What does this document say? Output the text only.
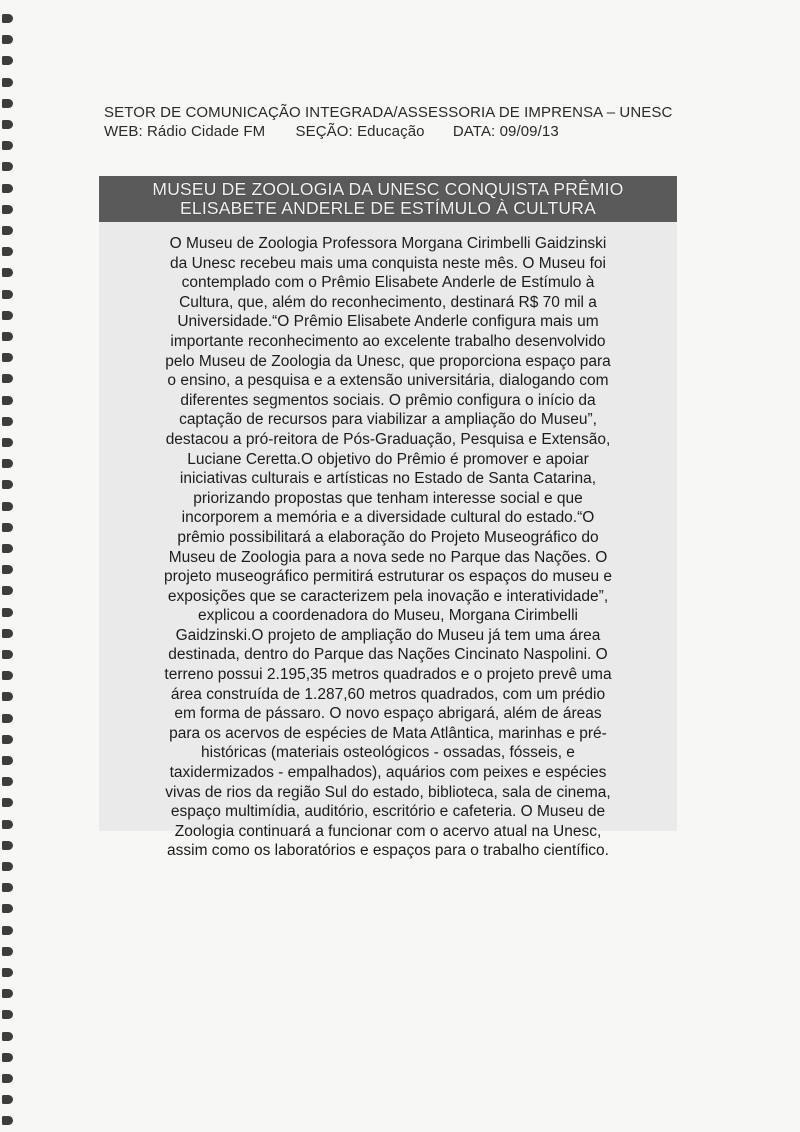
SETOR DE COMUNICAÇÃO INTEGRADA/ASSESSORIA DE IMPRENSA – UNESC
WEB: Rádio Cidade FM SEÇÃO: Educação DATA: 09/09/13
MUSEU DE ZOOLOGIA DA UNESC CONQUISTA PRÊMIO
ELISABETE ANDERLE DE ESTÍMULO À CULTURA
O Museu de Zoologia Professora Morgana Cirimbelli Gaidzinski
da Unesc recebeu mais uma conquista neste mês. O Museu foi
contemplado com o Prêmio Elisabete Anderle de Estímulo à
Cultura, que, além do reconhecimento, destinará R$ 70 mil a
Universidade.“O Prêmio Elisabete Anderle configura mais um
importante reconhecimento ao excelente trabalho desenvolvido
pelo Museu de Zoologia da Unesc, que proporciona espaço para
o ensino, a pesquisa e a extensão universitária, dialogando com
diferentes segmentos sociais. O prêmio configura o início da
captação de recursos para viabilizar a ampliação do Museu”,
destacou a pró-reitora de Pós-Graduação, Pesquisa e Extensão,
Luciane Ceretta.O objetivo do Prêmio é promover e apoiar
iniciativas culturais e artísticas no Estado de Santa Catarina,
priorizando propostas que tenham interesse social e que
incorporem a memória e a diversidade cultural do estado.“O
prêmio possibilitará a elaboração do Projeto Museográfico do
Museu de Zoologia para a nova sede no Parque das Nações. O
projeto museográfico permitirá estruturar os espaços do museu e
exposições que se caracterizem pela inovação e interatividade”,
explicou a coordenadora do Museu, Morgana Cirimbelli
Gaidzinski.O projeto de ampliação do Museu já tem uma área
destinada, dentro do Parque das Nações Cincinato Naspolini. O
terreno possui 2.195,35 metros quadrados e o projeto prevê uma
área construída de 1.287,60 metros quadrados, com um prédio
em forma de pássaro. O novo espaço abrigará, além de áreas
para os acervos de espécies de Mata Atlântica, marinhas e pré-
históricas (materiais osteológicos - ossadas, fósseis, e
taxidermizados - empalhados), aquários com peixes e espécies
vivas de rios da região Sul do estado, biblioteca, sala de cinema,
espaço multimídia, auditório, escritório e cafeteria. O Museu de
Zoologia continuará a funcionar com o acervo atual na Unesc,
assim como os laboratórios e espaços para o trabalho científico.
